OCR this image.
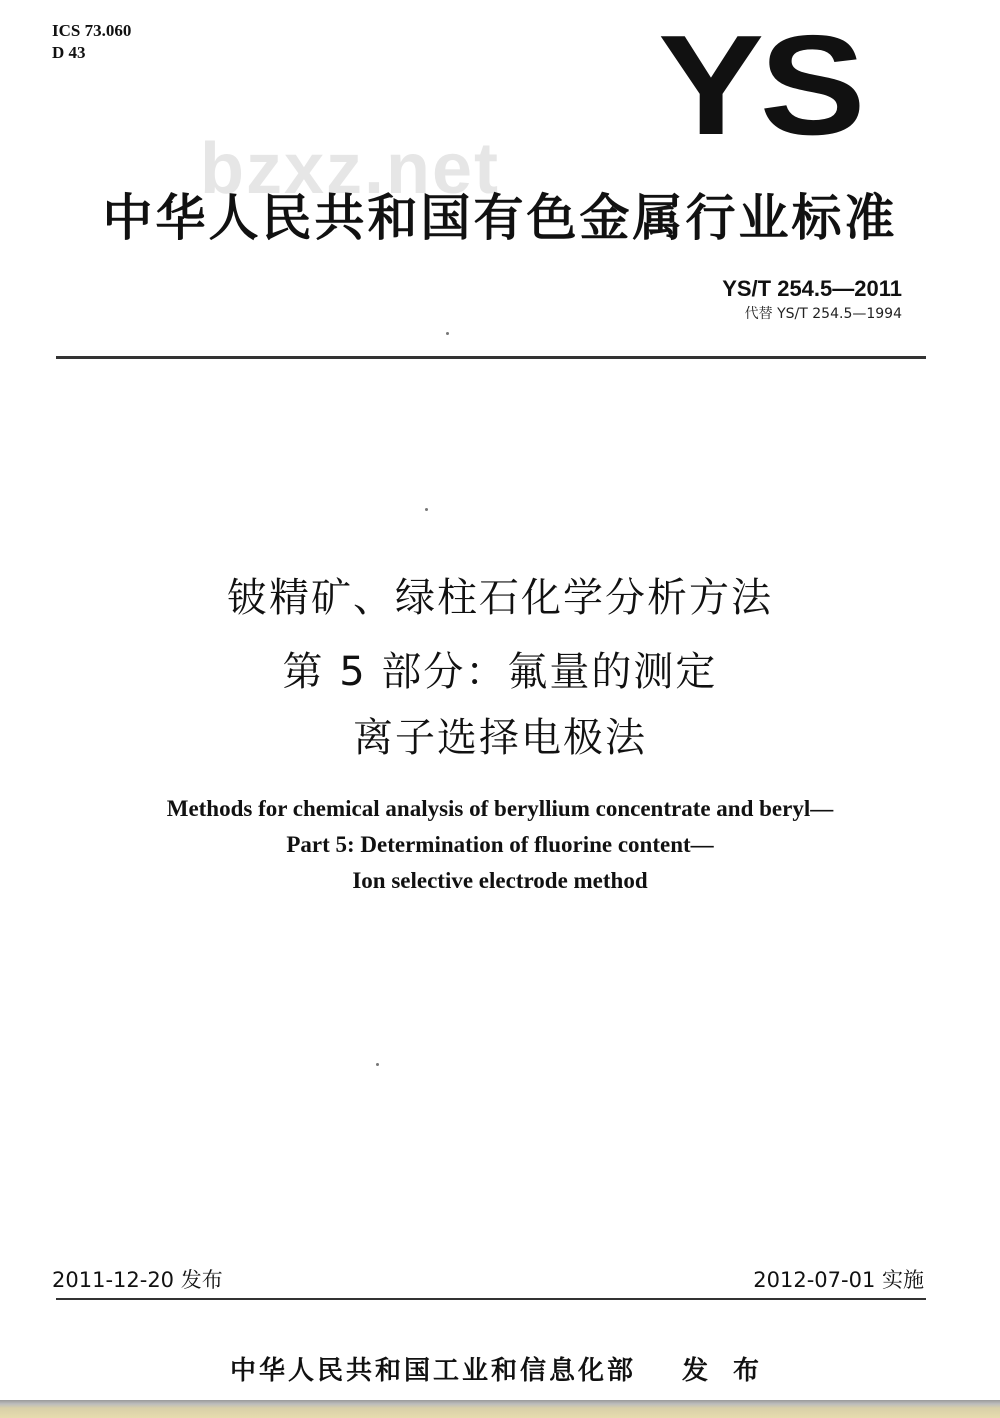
ICS 73.060
D 43
bzxz.net
YS
中华人民共和国有色金属行业标准
YS/T 254.5—2011
代替 YS/T 254.5—1994
铍精矿、绿柱石化学分析方法
第 5 部分：氟量的测定
离子选择电极法
Methods for chemical analysis of beryllium concentrate and beryl—
Part 5: Determination of fluorine content—
Ion selective electrode method
2011-12-20 发布	2012-07-01 实施
中华人民共和国工业和信息化部 发 布
